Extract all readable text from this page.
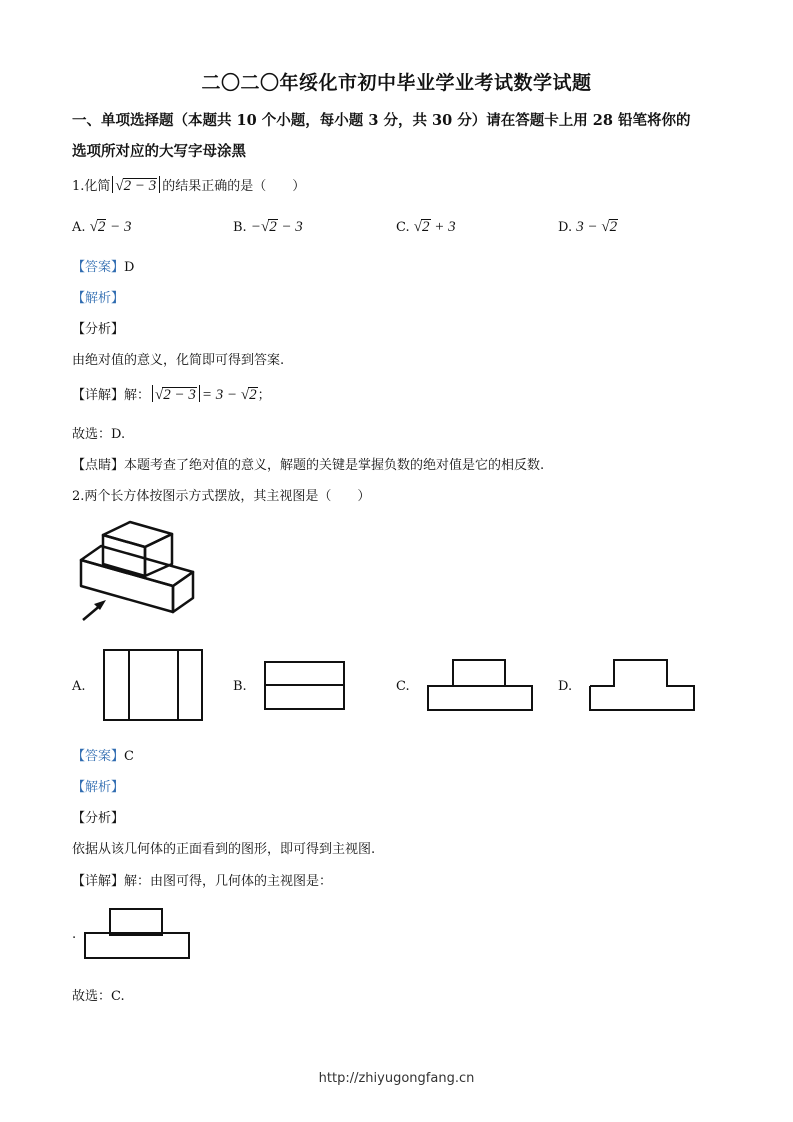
二〇二〇年绥化市初中毕业学业考试数学试题
一、单项选择题（本题共 10 个小题，每小题 3 分，共 30 分）请在答题卡上用 28 铅笔将你的
选项所对应的大写字母涂黑
1.化简 √2 − 3 的结果正确的是（　　）
A. √2 − 3	B. −√2 − 3	C. √2 + 3	D. 3 − √2
【答案】D
【解析】
【分析】
由绝对值的意义，化简即可得到答案.
【详解】解： √2 − 3 = 3 − √2；
故选：D.
【点睛】本题考查了绝对值的意义，解题的关键是掌握负数的绝对值是它的相反数.
2.两个长方体按图示方式摆放，其主视图是（　　）
A.	B.	C.	D.
【答案】C
【解析】
【分析】
依据从该几何体的正面看到的图形，即可得到主视图.
【详解】解：由图可得，几何体的主视图是：
.
故选：C.
http://zhiyugongfang.cn
